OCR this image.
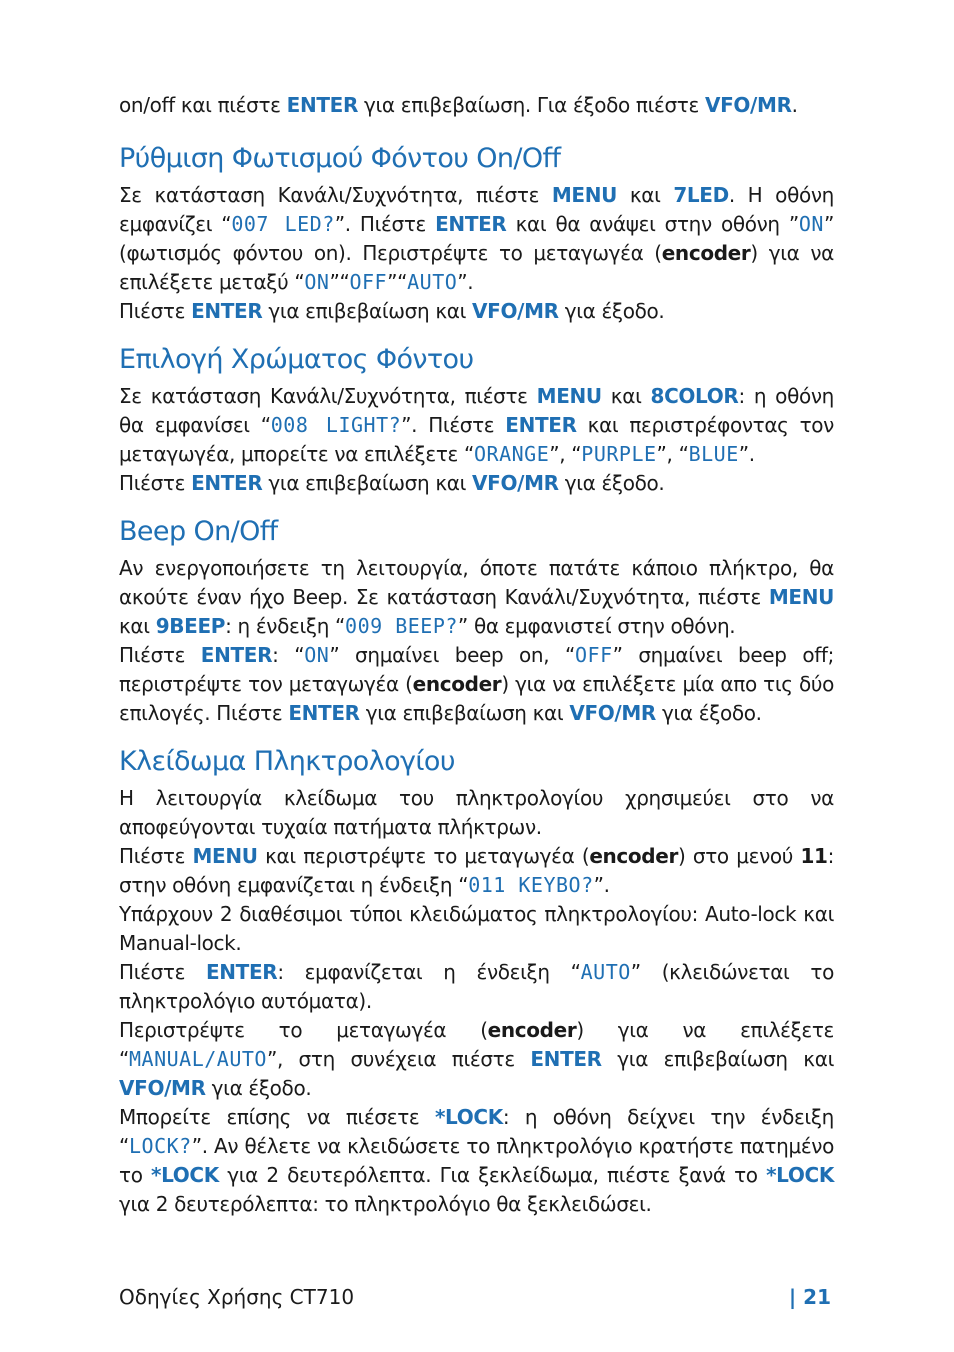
on/off και πιέστε ENTER για επιβεβαίωση. Για έξοδο πιέστε VFO/MR.

Ρύθμιση Φωτισμού Φόντου On/Off

Σε κατάσταση Κανάλι/Συχνότητα, πιέστε MENU και 7LED. Η οθόνη εμφανίζει “007 LED?”. Πιέστε ENTER και θα ανάψει στην οθόνη ”ON” (φωτισμός φόντου on). Περιστρέψτε το μεταγωγέα (encoder) για να επιλέξετε μεταξύ “ON”“OFF”“AUTO”.

Πιέστε ENTER για επιβεβαίωση και VFO/MR για έξοδο.

Επιλογή Χρώματος Φόντου

Σε κατάσταση Κανάλι/Συχνότητα, πιέστε MENU και 8COLOR: η οθόνη θα εμφανίσει “008 LIGHT?”. Πιέστε ENTER και περιστρέφοντας τον μεταγωγέα, μπορείτε να επιλέξετε “ORANGE”, “PURPLE”, “BLUE”.

Πιέστε ENTER για επιβεβαίωση και VFO/MR για έξοδο.

Beep On/Off

Αν ενεργοποιήσετε τη λειτουργία, όποτε πατάτε κάποιο πλήκτρο, θα ακούτε έναν ήχο Beep. Σε κατάσταση Κανάλι/Συχνότητα, πιέστε MENU και 9BEEP: η ένδειξη “009 BEEP?” θα εμφανιστεί στην οθόνη.

Πιέστε ENTER: “ON” σημαίνει beep on, “OFF” σημαίνει beep off; περιστρέψτε τον μεταγωγέα (encoder) για να επιλέξετε μία απο τις δύο επιλογές. Πιέστε ENTER για επιβεβαίωση και VFO/MR για έξοδο.

Κλείδωμα Πληκτρολογίου

Η λειτουργία κλείδωμα του πληκτρολογίου χρησιμεύει στο να αποφεύγονται τυχαία πατήματα πλήκτρων.

Πιέστε MENU και περιστρέψτε το μεταγωγέα (encoder) στο μενού 11: στην οθόνη εμφανίζεται η ένδειξη “011 KEYBO?”.

Υπάρχουν 2 διαθέσιμοι τύποι κλειδώματος πληκτρολογίου: Auto-lock και Manual-lock.

Πιέστε ENTER: εμφανίζεται η ένδειξη “AUTO” (κλειδώνεται το πληκτρολόγιο αυτόματα).

Περιστρέψτε το μεταγωγέα (encoder) για να επιλέξετε “MANUAL/AUTO”, στη συνέχεια πιέστε ENTER για επιβεβαίωση και VFO/MR για έξοδο.

Μπορείτε επίσης να πιέσετε *LOCK: η οθόνη δείχνει την ένδειξη “LOCK?”. Αν θέλετε να κλειδώσετε το πληκτρολόγιο κρατήστε πατημένο το *LOCK για 2 δευτερόλεπτα. Για ξεκλείδωμα, πιέστε ξανά το *LOCK για 2 δευτερόλεπτα: το πληκτρολόγιο θα ξεκλειδώσει.

Οδηγίες Χρήσης CT710	| 21
